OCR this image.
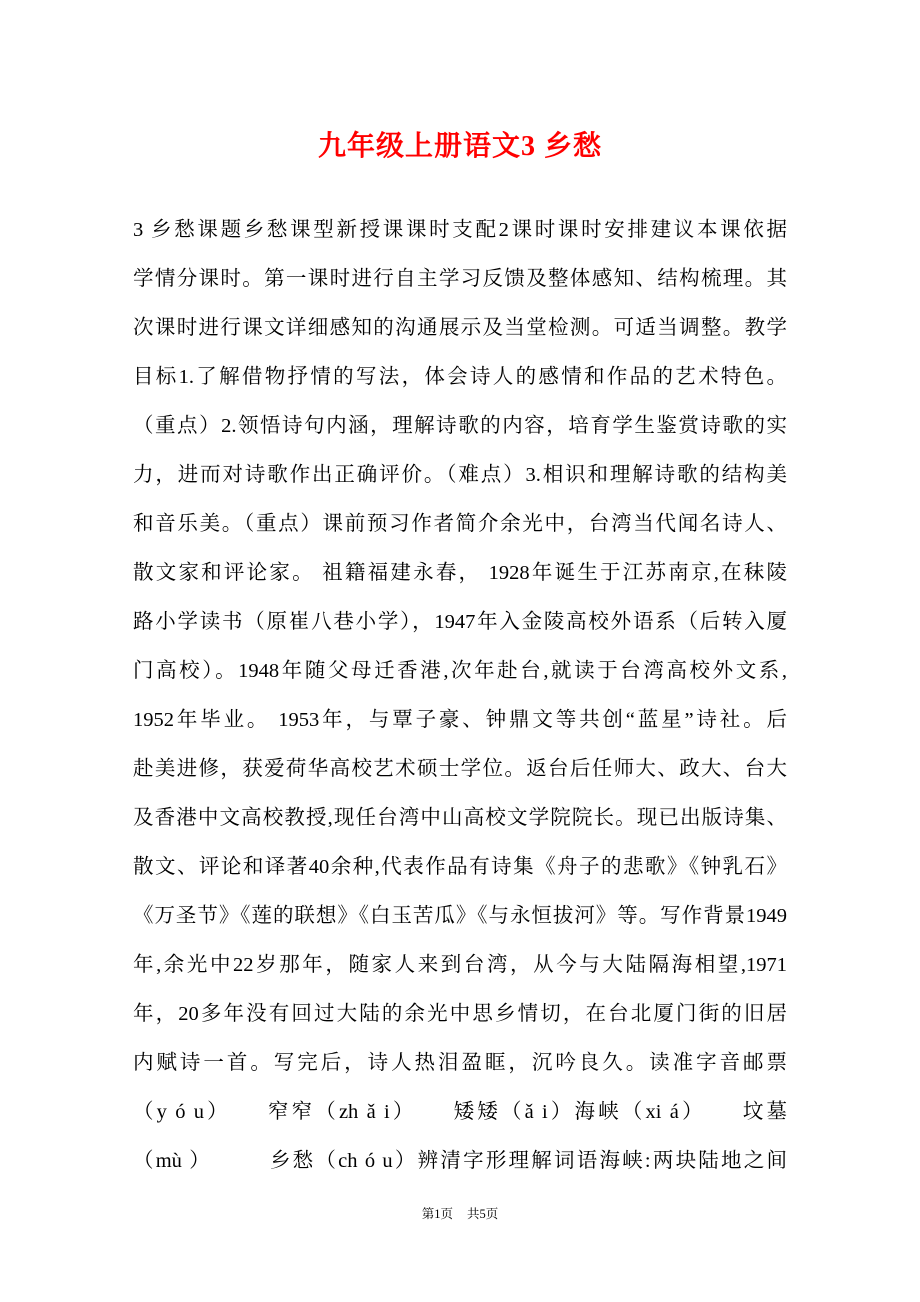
九年级上册语文3 乡愁
3 乡愁课题乡愁课型新授课课时支配2课时课时安排建议本课依据
学情分课时。第一课时进行自主学习反馈及整体感知、结构梳理。其
次课时进行课文详细感知的沟通展示及当堂检测。可适当调整。教学
目标1.了解借物抒情的写法，体会诗人的感情和作品的艺术特色。
（重点）2.领悟诗句内涵，理解诗歌的内容，培育学生鉴赏诗歌的实
力，进而对诗歌作出正确评价。（难点）3.相识和理解诗歌的结构美
和音乐美。（重点）课前预习作者简介余光中，台湾当代闻名诗人、
散文家和评论家。 祖籍福建永春， 1928年诞生于江苏南京,在秣陵
路小学读书（原崔八巷小学），1947年入金陵高校外语系（后转入厦
门高校）。1948年随父母迁香港,次年赴台,就读于台湾高校外文系,
1952年毕业。 1953年，与覃子豪、钟鼎文等共创“蓝星”诗社。后
赴美进修，获爱荷华高校艺术硕士学位。返台后任师大、政大、台大
及香港中文高校教授,现任台湾中山高校文学院院长。现已出版诗集、
散文、评论和译著40余种,代表作品有诗集《舟子的悲歌》《钟乳石》
《万圣节》《莲的联想》《白玉苦瓜》《与永恒拔河》等。写作背景1949
年,余光中22岁那年，随家人来到台湾，从今与大陆隔海相望,1971
年，20多年没有回过大陆的余光中思乡情切，在台北厦门街的旧居
内赋诗一首。写完后，诗人热泪盈眶，沉吟良久。读准字音邮票
（y ó u）　　窄窄（zh ǎ i）　　矮矮（ǎ i）海峡（xi á）　　坟墓
（mù ）　　　乡愁（ch ó u）辨清字形理解词语海峡:两块陆地之间
第1页 共5页
